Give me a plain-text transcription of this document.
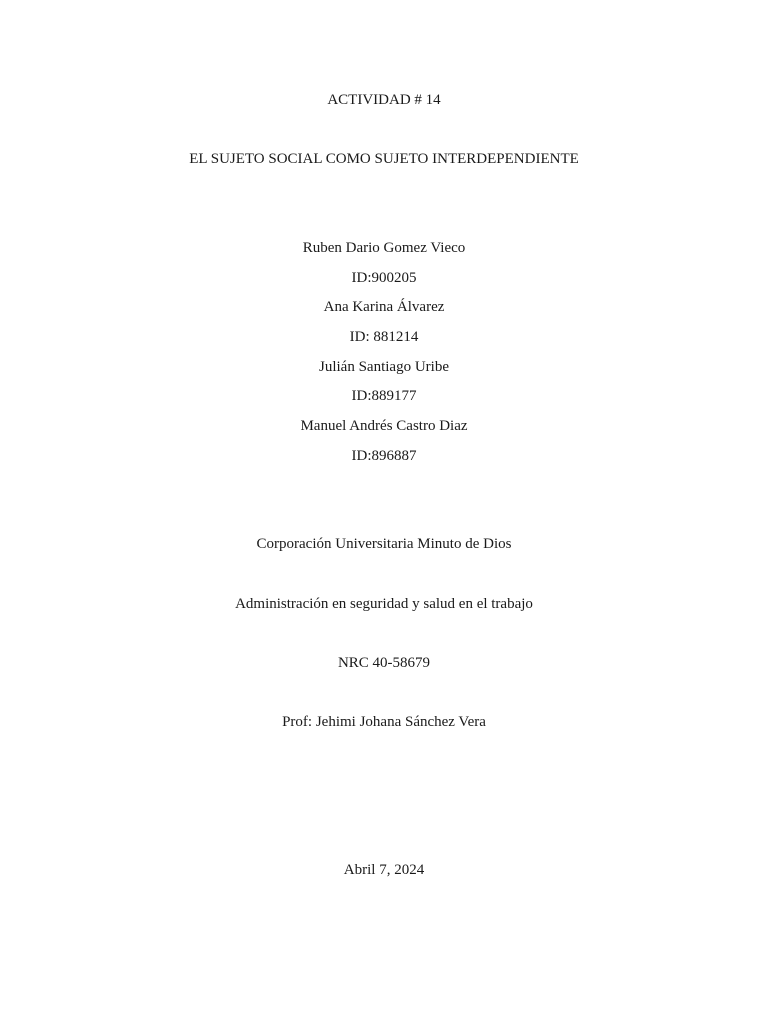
ACTIVIDAD # 14
EL SUJETO SOCIAL COMO SUJETO INTERDEPENDIENTE
Ruben Dario Gomez Vieco
ID:900205
Ana Karina Álvarez
ID: 881214
Julián Santiago Uribe
ID:889177
Manuel Andrés Castro Diaz
ID:896887
Corporación Universitaria Minuto de Dios
Administración en seguridad y salud en el trabajo
NRC 40-58679
Prof: Jehimi Johana Sánchez Vera
Abril 7, 2024
